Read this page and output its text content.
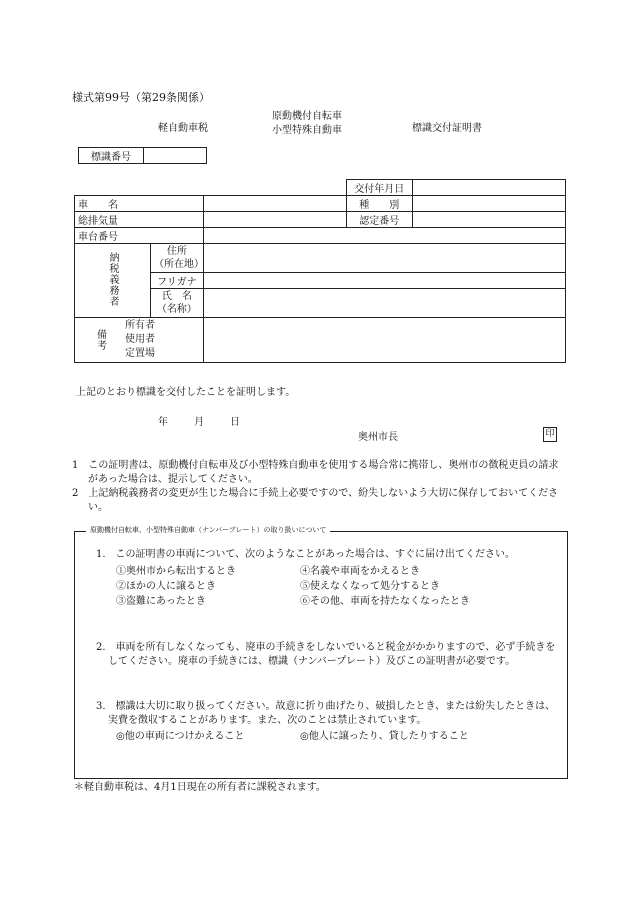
様式第99号（第29条関係）
軽自動車税
原動機付自転車
小型特殊自動車	標識交付証明書
標識番号	
			交付年月日	
車　　名			種　　別	
総排気量			認定番号	
車台番号				
納税義務者	住所
（所在地）			

	フリガナ			

	氏　名
（名称）			

備考
所有者
使用者
定置場				

上記のとおり標識を交付したことを証明します。
年	月	日
奥州市長	印
1　この証明書は、原動機付自転車及び小型特殊自動車を使用する場合常に携帯し、奥州市の徴税吏員の請求があった場合は、提示してください。
2　上記納税義務者の変更が生じた場合に手続上必要ですので、紛失しないよう大切に保存しておいてください。
原動機付自転車、小型特殊自動車（ナンバープレート）の取り扱いについて
1.　この証明書の車両について、次のようなことがあった場合は、すぐに届け出てください。
①奥州市から転出するとき
②ほかの人に譲るとき
③盗難にあったとき
④名義や車両をかえるとき
⑤使えなくなって処分するとき
⑥その他、車両を持たなくなったとき
2.　車両を所有しなくなっても、廃車の手続きをしないでいると税金がかかりますので、必ず手続きをしてください。廃車の手続きには、標識（ナンバープレート）及びこの証明書が必要です。
3.　標識は大切に取り扱ってください。故意に折り曲げたり、破損したとき、または紛失したときは、実費を徴収することがあります。また、次のことは禁止されています。
◎他の車両につけかえること	◎他人に譲ったり、貸したりすること
＊軽自動車税は、4月1日現在の所有者に課税されます。
